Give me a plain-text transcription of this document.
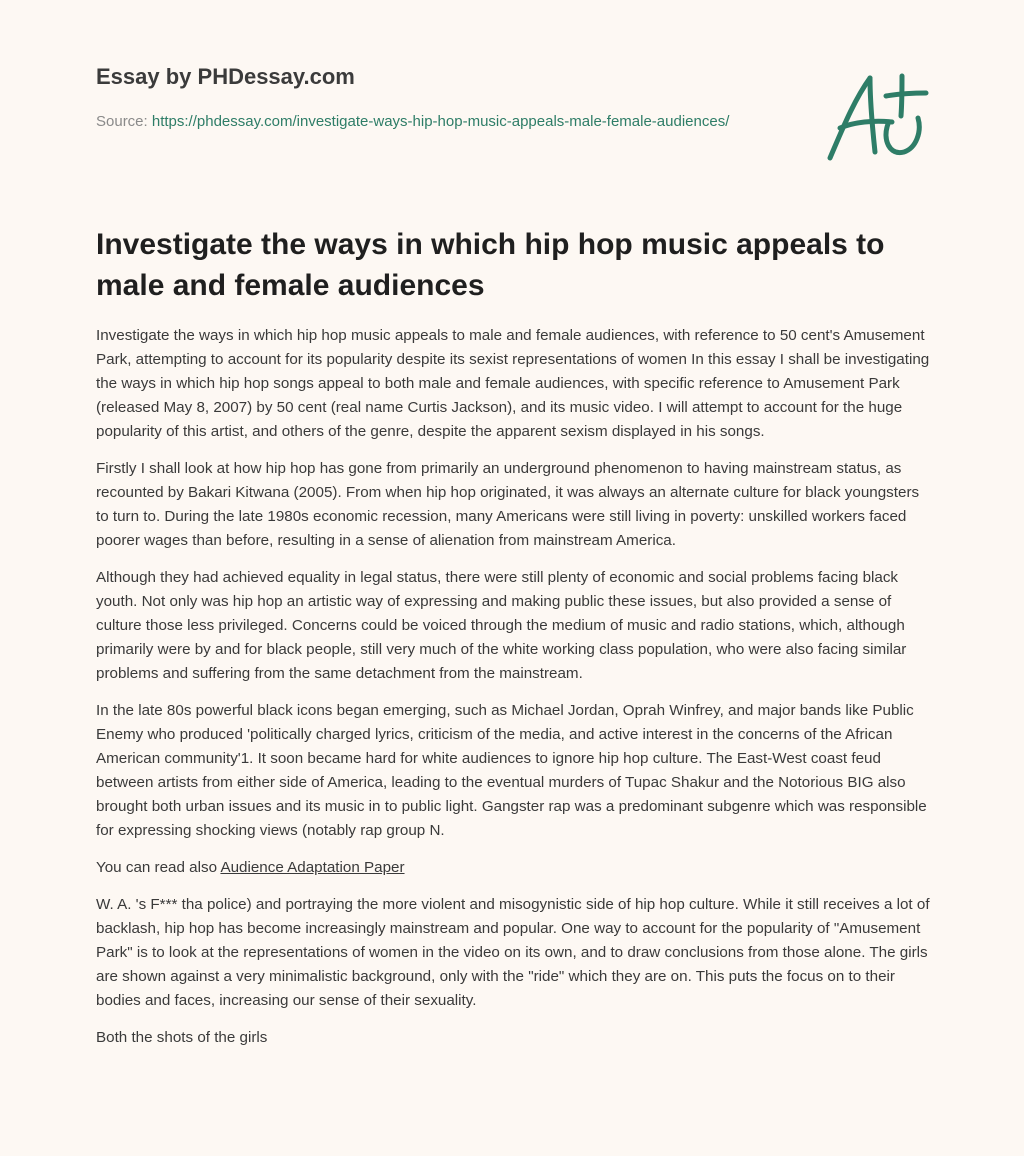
Essay by PHDessay.com
Source: https://phdessay.com/investigate-ways-hip-hop-music-appeals-male-female-audiences/
Investigate the ways in which hip hop music appeals to male and female audiences

Investigate the ways in which hip hop music appeals to male and female audiences, with reference to 50 cent's Amusement Park, attempting to account for its popularity despite its sexist representations of women In this essay I shall be investigating the ways in which hip hop songs appeal to both male and female audiences, with specific reference to Amusement Park (released May 8, 2007) by 50 cent (real name Curtis Jackson), and its music video. I will attempt to account for the huge popularity of this artist, and others of the genre, despite the apparent sexism displayed in his songs.

Firstly I shall look at how hip hop has gone from primarily an underground phenomenon to having mainstream status, as recounted by Bakari Kitwana (2005). From when hip hop originated, it was always an alternate culture for black youngsters to turn to. During the late 1980s economic recession, many Americans were still living in poverty: unskilled workers faced poorer wages than before, resulting in a sense of alienation from mainstream America.

Although they had achieved equality in legal status, there were still plenty of economic and social problems facing black youth. Not only was hip hop an artistic way of expressing and making public these issues, but also provided a sense of culture those less privileged. Concerns could be voiced through the medium of music and radio stations, which, although primarily were by and for black people, still very much of the white working class population, who were also facing similar problems and suffering from the same detachment from the mainstream.

In the late 80s powerful black icons began emerging, such as Michael Jordan, Oprah Winfrey, and major bands like Public Enemy who produced 'politically charged lyrics, criticism of the media, and active interest in the concerns of the African American community'1. It soon became hard for white audiences to ignore hip hop culture. The East-West coast feud between artists from either side of America, leading to the eventual murders of Tupac Shakur and the Notorious BIG also brought both urban issues and its music in to public light. Gangster rap was a predominant subgenre which was responsible for expressing shocking views (notably rap group N.

You can read also Audience Adaptation Paper

W. A. 's F*** tha police) and portraying the more violent and misogynistic side of hip hop culture. While it still receives a lot of backlash, hip hop has become increasingly mainstream and popular. One way to account for the popularity of "Amusement Park" is to look at the representations of women in the video on its own, and to draw conclusions from those alone. The girls are shown against a very minimalistic background, only with the "ride" which they are on. This puts the focus on to their bodies and faces, increasing our sense of their sexuality.

Both the shots of the girls
